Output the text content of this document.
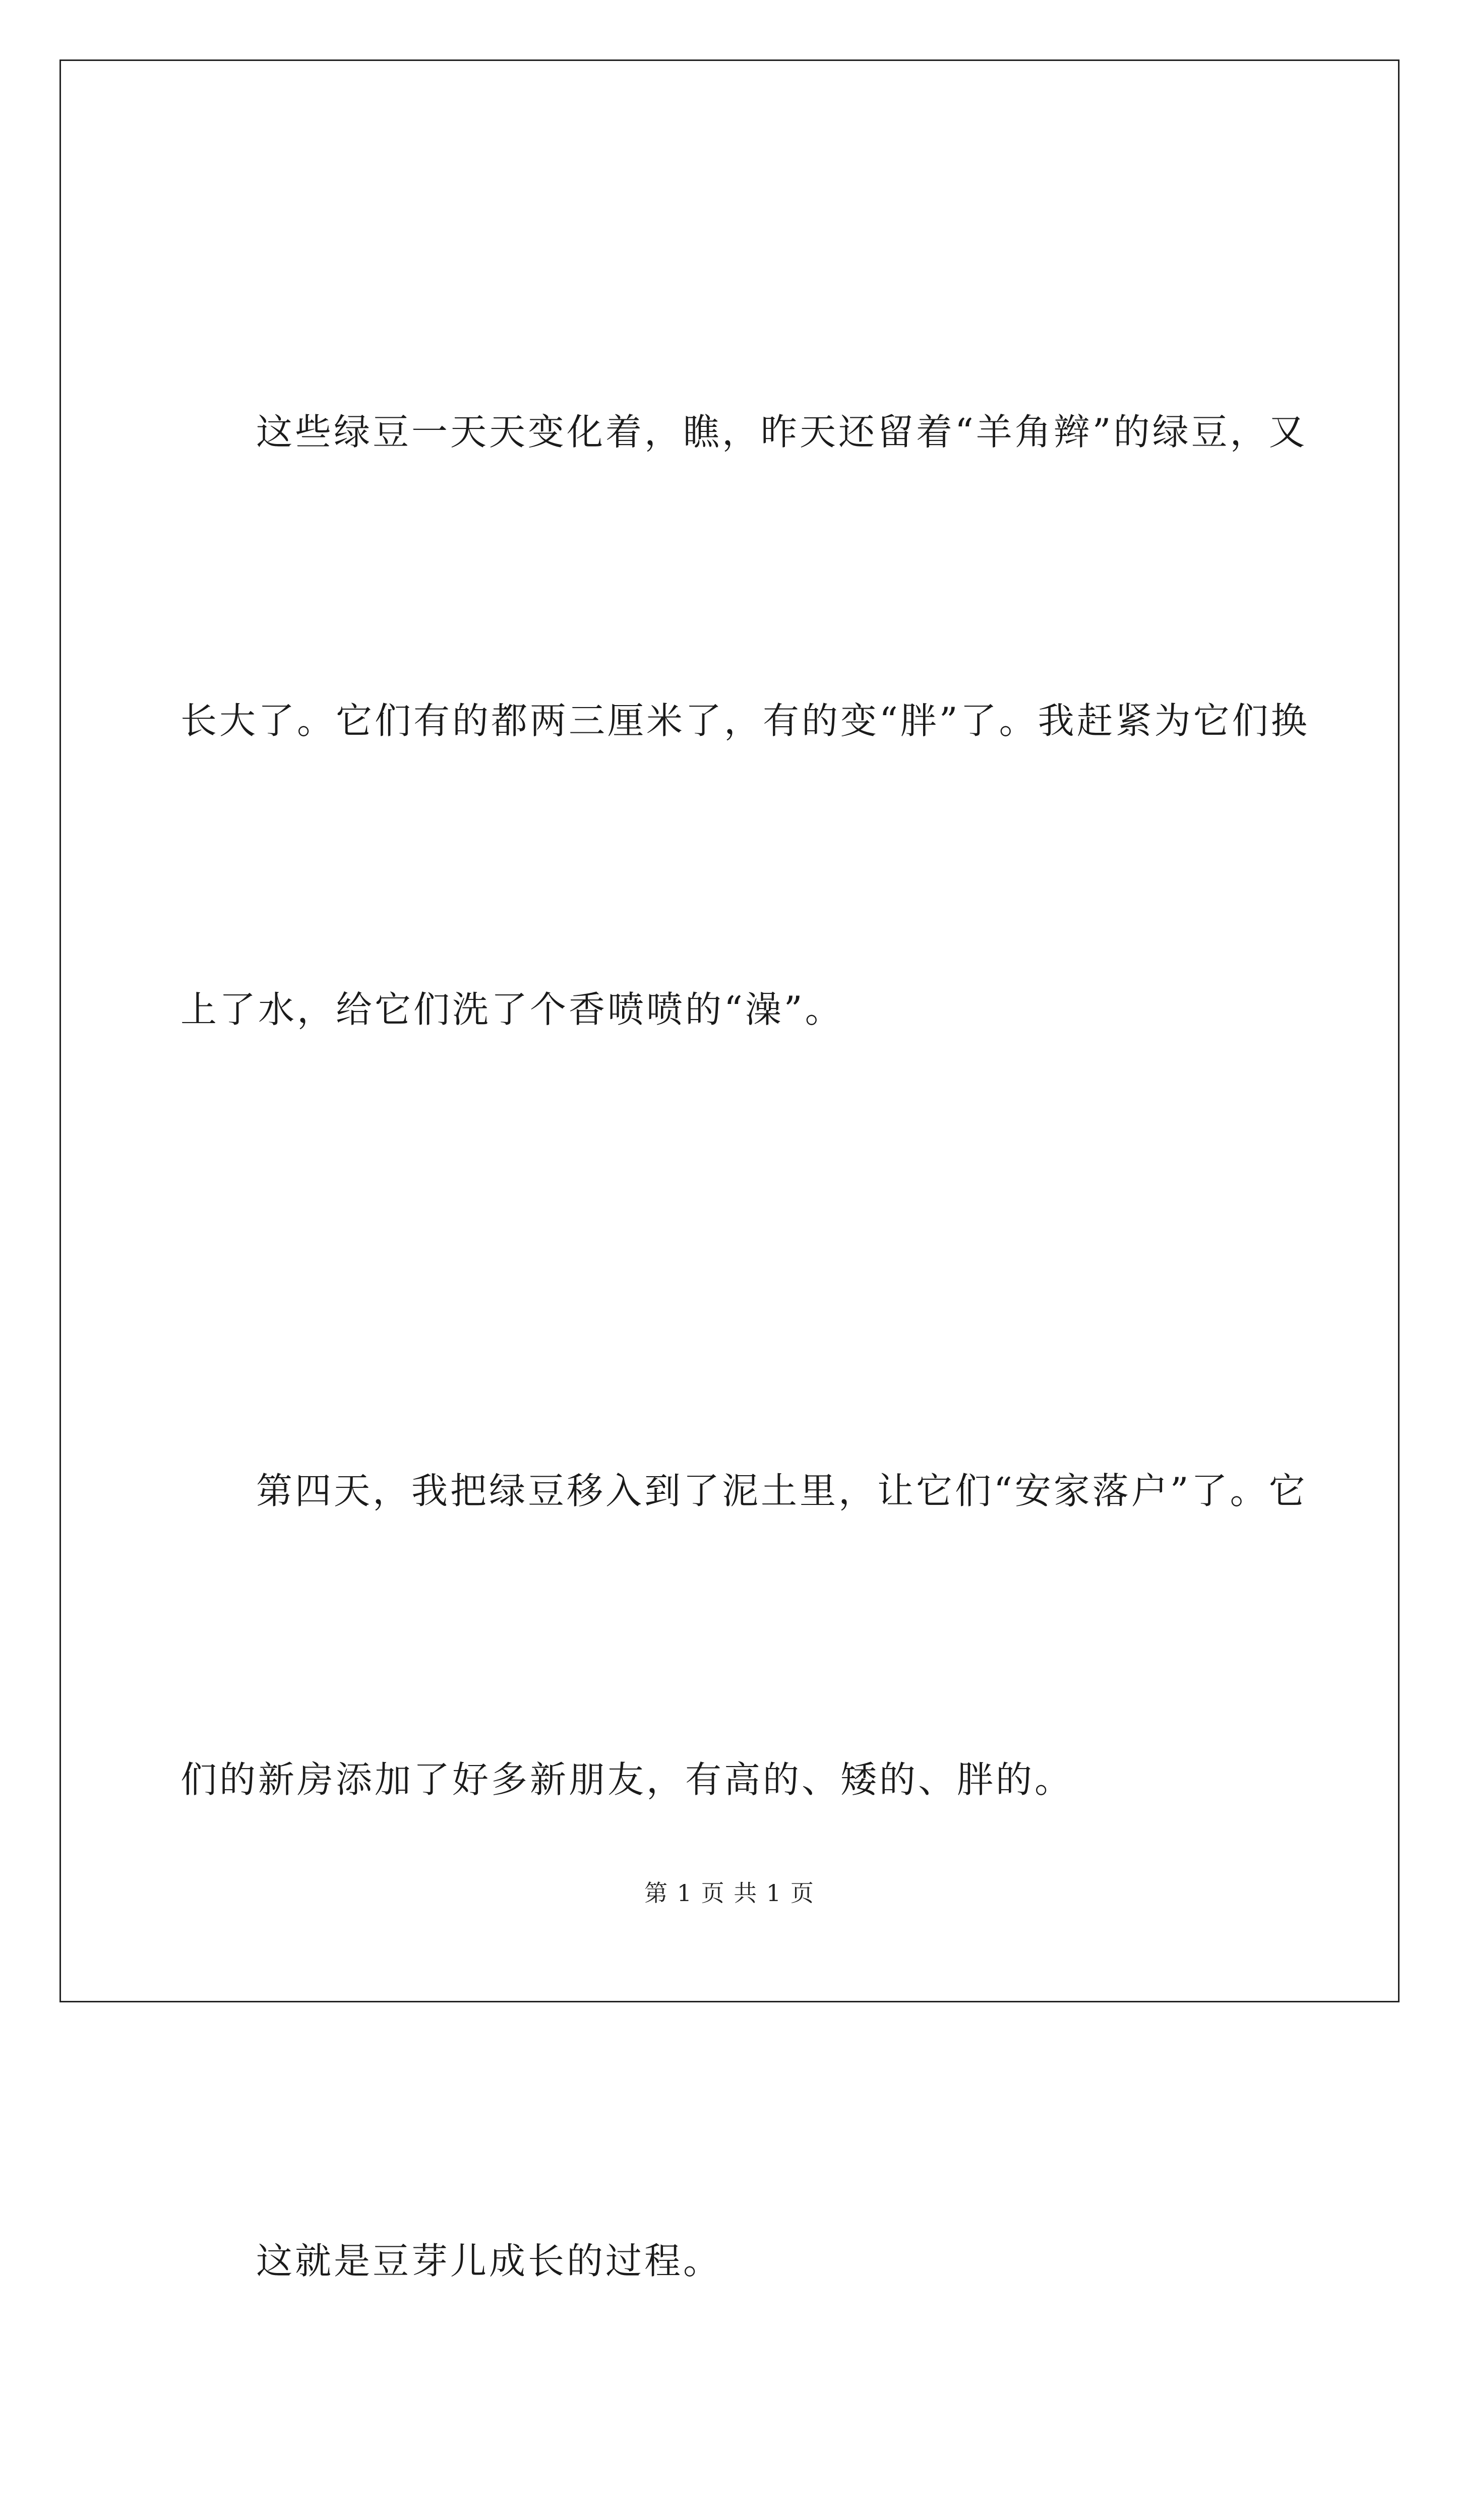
这些绿豆一天天变化着，瞧，昨天还留着“羊角辫”的绿豆，又

长大了。它们有的都两三厘米了，有的变“胖”了。我赶紧为它们换

上了水，给它们洗了个香喷喷的“澡”。

第四天，我把绿豆移入到了泥土里，让它们“安家落户”了。它

们的新房添加了好多新朋友，有高的、矮的、胖的。

这就是豆芽儿成长的过程。

第 1 页 共 1 页
